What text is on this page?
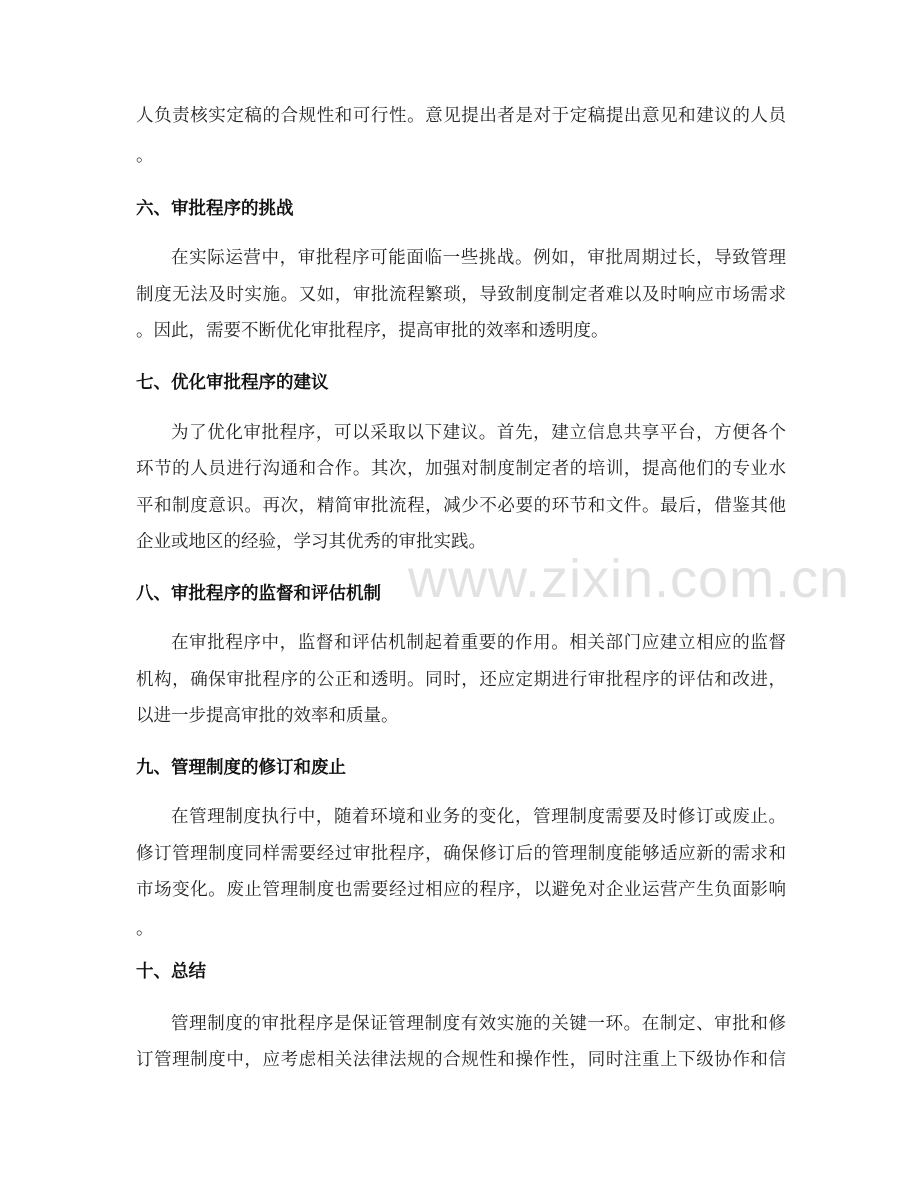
www.zixin.com.cn
人负责核实定稿的合规性和可行性。意见提出者是对于定稿提出意见和建议的人员
。
六、审批程序的挑战
在实际运营中，审批程序可能面临一些挑战。例如，审批周期过长，导致管理
制度无法及时实施。又如，审批流程繁琐，导致制度制定者难以及时响应市场需求
。因此，需要不断优化审批程序，提高审批的效率和透明度。
七、优化审批程序的建议
为了优化审批程序，可以采取以下建议。首先，建立信息共享平台，方便各个
环节的人员进行沟通和合作。其次，加强对制度制定者的培训，提高他们的专业水
平和制度意识。再次，精简审批流程，减少不必要的环节和文件。最后，借鉴其他
企业或地区的经验，学习其优秀的审批实践。
八、审批程序的监督和评估机制
在审批程序中，监督和评估机制起着重要的作用。相关部门应建立相应的监督
机构，确保审批程序的公正和透明。同时，还应定期进行审批程序的评估和改进，
以进一步提高审批的效率和质量。
九、管理制度的修订和废止
在管理制度执行中，随着环境和业务的变化，管理制度需要及时修订或废止。
修订管理制度同样需要经过审批程序，确保修订后的管理制度能够适应新的需求和
市场变化。废止管理制度也需要经过相应的程序，以避免对企业运营产生负面影响
。
十、总结
管理制度的审批程序是保证管理制度有效实施的关键一环。在制定、审批和修
订管理制度中，应考虑相关法律法规的合规性和操作性，同时注重上下级协作和信
